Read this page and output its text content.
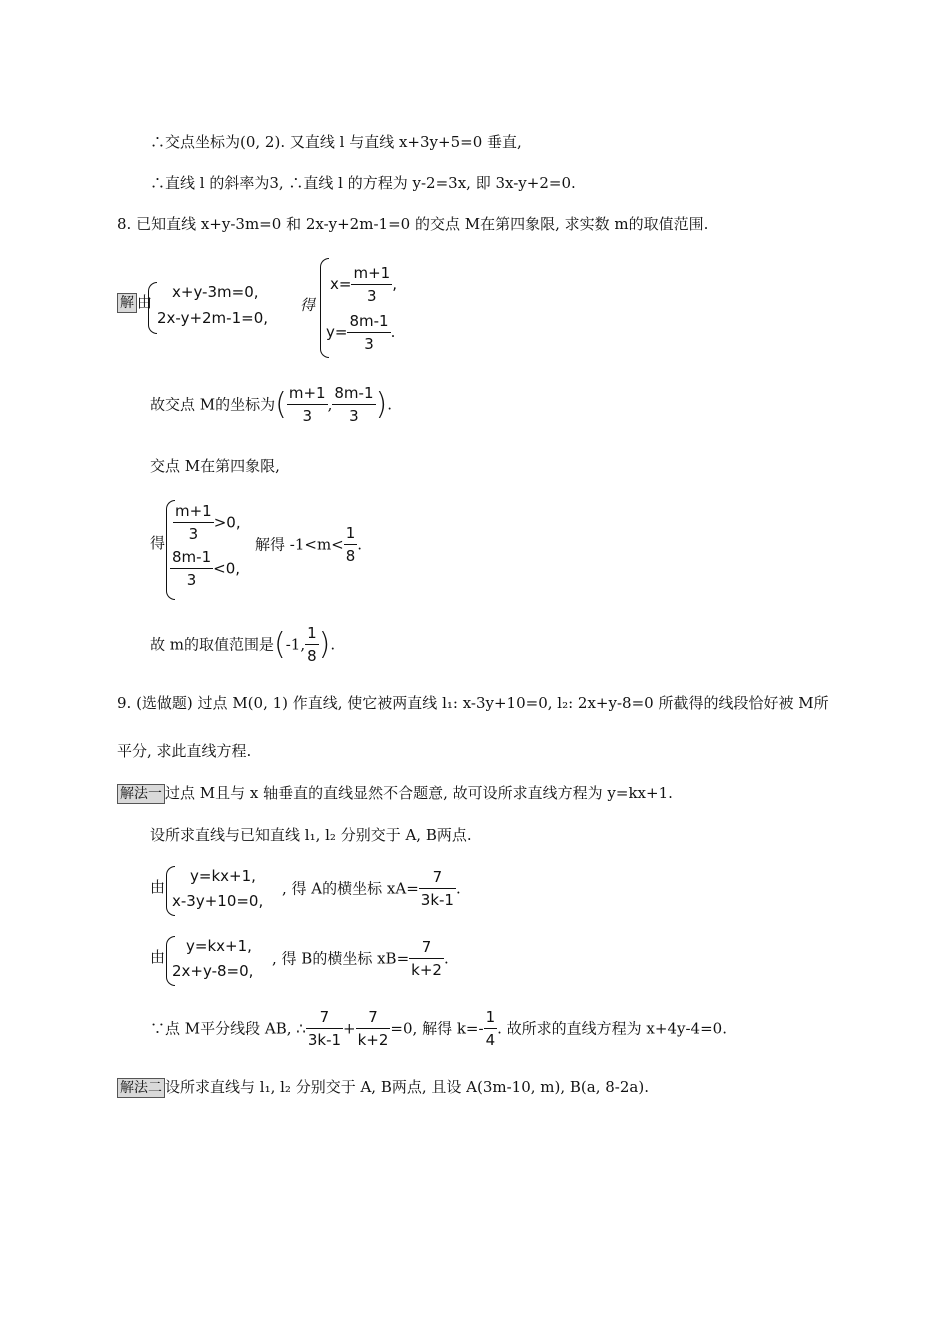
∴交点坐标为(0, 2). 又直线 l 与直线 x+3y+5=0 垂直,
∴直线 l 的斜率为3, ∴直线 l 的方程为 y-2=3x, 即 3x-y+2=0.
8. 已知直线 x+y-3m=0 和 2x-y+2m-1=0 的交点 M在第四象限, 求实数 m的取值范围.
解 由
x+y-3m=0,
2x-y+2m-1=0,
得
$x= \frac{m+1}{3}$ ,
$y= \frac{8m-1}{3}$ .
故交点 M的坐标为( $\frac{m+1}{3}$ , $\frac{8m-1}{3}$ ).
交点 M在第四象限,
得 $\frac{m+1}{3} >0$,
$\frac{8m-1}{3} <0$,
解得 $-1<m< \frac{1}{8}$ .
故 m的取值范围是(-1, $\frac{1}{8}$ ).
9. (选做题) 过点 M(0, 1) 作直线, 使它被两直线 l₁: x-3y+10=0, l₂: 2x+y-8=0 所截得的线段恰好被 M所
平分, 求此直线方程.
解法一 过点 M且与 x 轴垂直的直线显然不合题意, 故可设所求直线方程为 y=kx+1.
设所求直线与已知直线 l₁, l₂ 分别交于 A, B两点.
由
y=kx+1,
x-3y+10=0,
, 得 A的横坐标 $xA= \frac{7}{3k-1}$ .
由
y=kx+1,
2x+y-8=0,
, 得 B的横坐标 $xB= \frac{7}{k+2}$ .
∵点 M平分线段 AB, ∴ $\frac{7}{3k-1} + \frac{7}{k+2} =0$, 解得 $k=- \frac{1}{4}$ . 故所求的直线方程为 x+4y-4=0.
解法二 设所求直线与 l₁, l₂ 分别交于 A, B两点, 且设 A(3m-10, m), B(a, 8-2a).
